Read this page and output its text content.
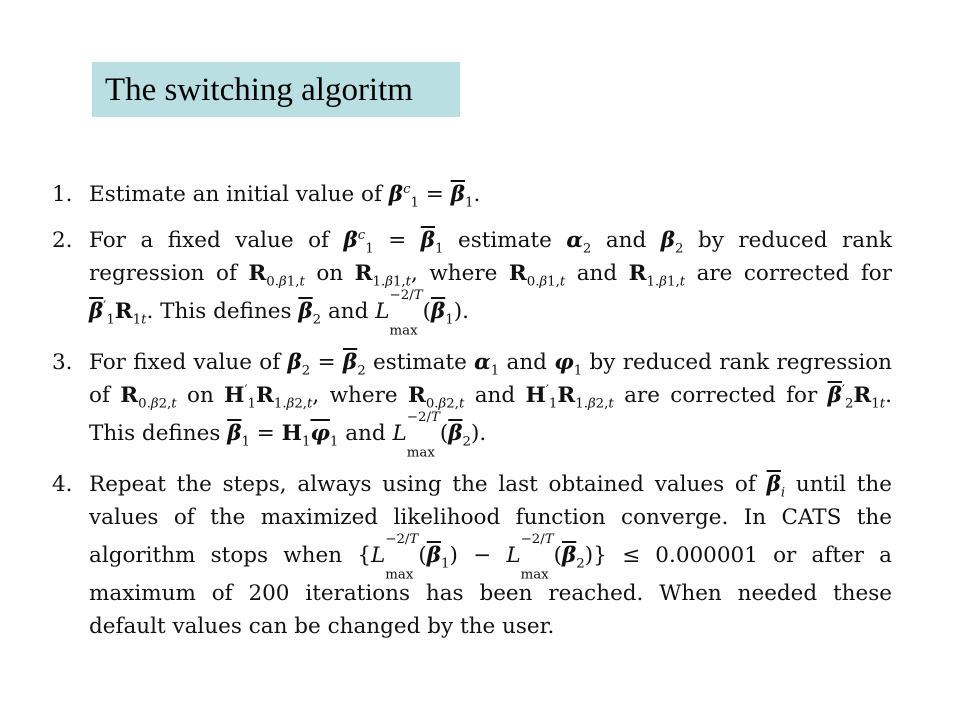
The switching algoritm
1. Estimate an initial value of $\beta^c_1 = \overline{\beta}_1$.
2. For a fixed value of $\beta^c_1 = \overline{\beta}_1$ estimate $\alpha_2$ and $\beta_2$ by reduced rank regression of $R_{0.\beta 1,t}$ on $R_{1.\beta 1,t}$, where $R_{0.\beta 1,t}$ and $R_{1.\beta 1,t}$ are corrected for $\overline{\beta}'_1R_{1t}$. This defines $\overline{\beta}_2$ and $L^{-2/T}$
$_{max}(\overline{\beta}_1)$.
3. For fixed value of $\beta_2 = \overline{\beta}_2$ estimate $\alpha_1$ and $\varphi_1$ by reduced rank regression of $R_{0.\beta 2,t}$ on $H'_1R_{1.\beta 2,t}$, where $R_{0.\beta 2,t}$ and $H'_1R_{1.\beta 2,t}$ are corrected for $\overline{\beta}'_2R_{1t}$. This defines $\overline{\beta}_1 = H_1\overline{\varphi}_1$ and $L^{-2/T}$
$_{max}(\overline{\beta}_2)$.
4. Repeat the steps, always using the last obtained values of $\overline{\beta}_i$ until the values of the maximized likelihood function converge. In CATS the algorithm stops when {$L^{-2/T}$
$_{max}(\overline{\beta}_1) - L^{-2/T}$
$_{max}(\overline{\beta}_2)\} \le 0.000001$ or after a maximum of 200 iterations has been reached. When needed these default values can be changed by the user.
